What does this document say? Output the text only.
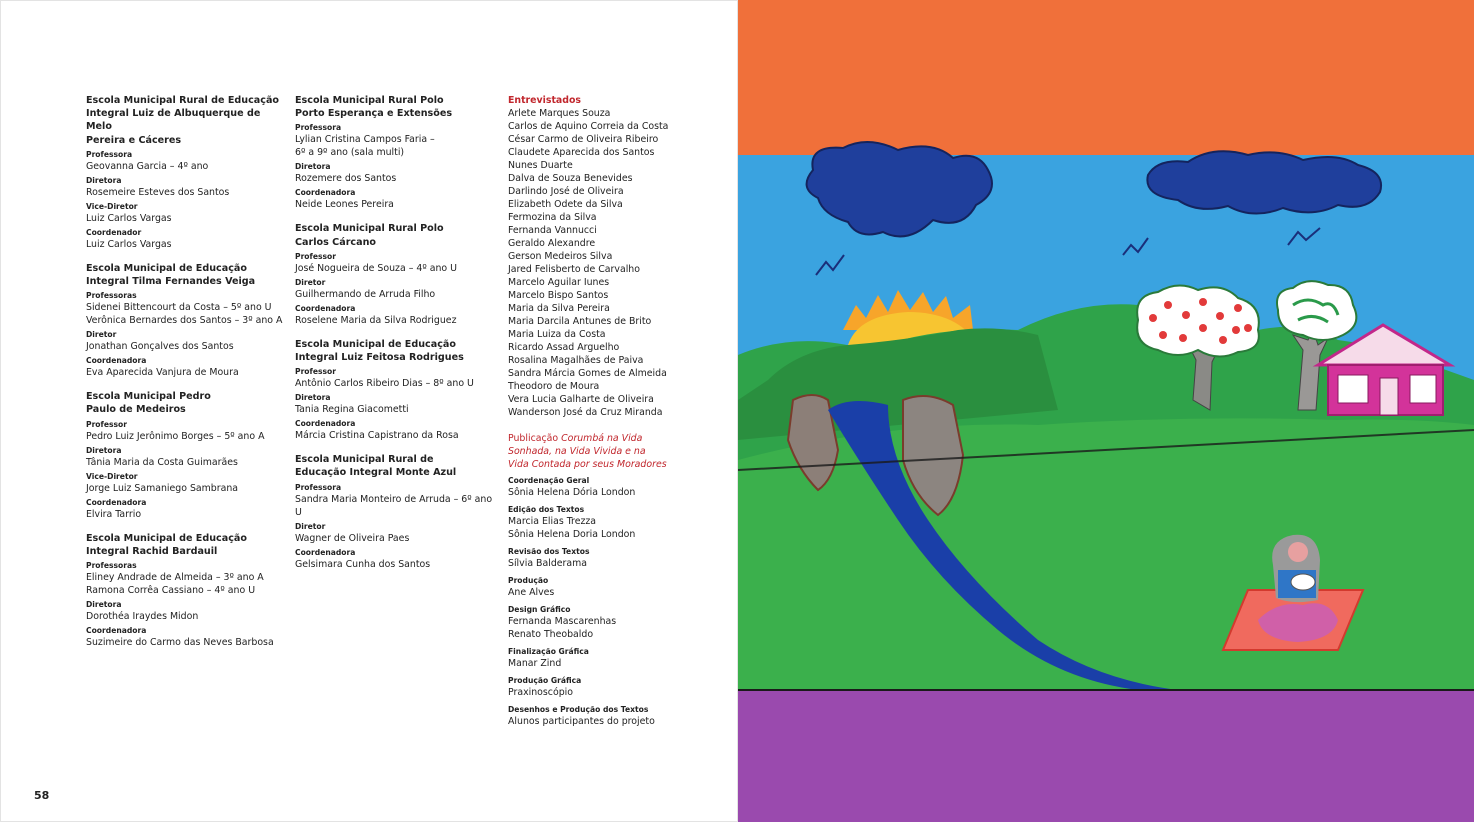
Escola Municipal Rural de Educação
Integral Luiz de Albuquerque de Melo
Pereira e Cáceres
Professora
Geovanna Garcia – 4º ano
Diretora
Rosemeire Esteves dos Santos
Vice-Diretor
Luiz Carlos Vargas
Coordenador
Luiz Carlos Vargas
Escola Municipal de Educação
Integral Tilma Fernandes Veiga
Professoras
Sidenei Bittencourt da Costa – 5º ano U
Verônica Bernardes dos Santos – 3º ano A
Diretor
Jonathan Gonçalves dos Santos
Coordenadora
Eva Aparecida Vanjura de Moura
Escola Municipal Pedro
Paulo de Medeiros
Professor
Pedro Luiz Jerônimo Borges – 5º ano A
Diretora
Tânia Maria da Costa Guimarães
Vice-Diretor
Jorge Luiz Samaniego Sambrana
Coordenadora
Elvira Tarrio
Escola Municipal de Educação
Integral Rachid Bardauil
Professoras
Eliney Andrade de Almeida – 3º ano A
Ramona Corrêa Cassiano – 4º ano U
Diretora
Dorothéa Iraydes Midon
Coordenadora
Suzimeire do Carmo das Neves Barbosa
Escola Municipal Rural Polo
Porto Esperança e Extensões
Professora
Lylian Cristina Campos Faria –
6º a 9º ano (sala multi)
Diretora
Rozemere dos Santos
Coordenadora
Neide Leones Pereira
Escola Municipal Rural Polo
Carlos Cárcano
Professor
José Nogueira de Souza – 4º ano U
Diretor
Guilhermando de Arruda Filho
Coordenadora
Roselene Maria da Silva Rodriguez
Escola Municipal de Educação
Integral Luiz Feitosa Rodrigues
Professor
Antônio Carlos Ribeiro Dias – 8º ano U
Diretora
Tania Regina Giacometti
Coordenadora
Márcia Cristina Capistrano da Rosa
Escola Municipal Rural de
Educação Integral Monte Azul
Professora
Sandra Maria Monteiro de Arruda – 6º ano U
Diretor
Wagner de Oliveira Paes
Coordenadora
Gelsimara Cunha dos Santos
Entrevistados
Arlete Marques Souza
Carlos de Aquino Correia da Costa
César Carmo de Oliveira Ribeiro
Claudete Aparecida dos Santos
Nunes Duarte
Dalva de Souza Benevides
Darlindo José de Oliveira
Elizabeth Odete da Silva
Fermozina da Silva
Fernanda Vannucci
Geraldo Alexandre
Gerson Medeiros Silva
Jared Felisberto de Carvalho
Marcelo Aguilar Iunes
Marcelo Bispo Santos
Maria da Silva Pereira
Maria Darcila Antunes de Brito
Maria Luiza da Costa
Ricardo Assad Arguelho
Rosalina Magalhães de Paiva
Sandra Márcia Gomes de Almeida
Theodoro de Moura
Vera Lucia Galharte de Oliveira
Wanderson José da Cruz Miranda
Publicação Corumbá na Vida
Sonhada, na Vida Vivida e na
Vida Contada por seus Moradores
Coordenação Geral
Sônia Helena Dória London
Edição dos Textos
Marcia Elias Trezza
Sônia Helena Doria London
Revisão dos Textos
Sílvia Balderama
Produção
Ane Alves
Design Gráfico
Fernanda Mascarenhas
Renato Theobaldo
Finalização Gráfica
Manar Zind
Produção Gráfica
Praxinoscópio
Desenhos e Produção dos Textos
Alunos participantes do projeto
58
